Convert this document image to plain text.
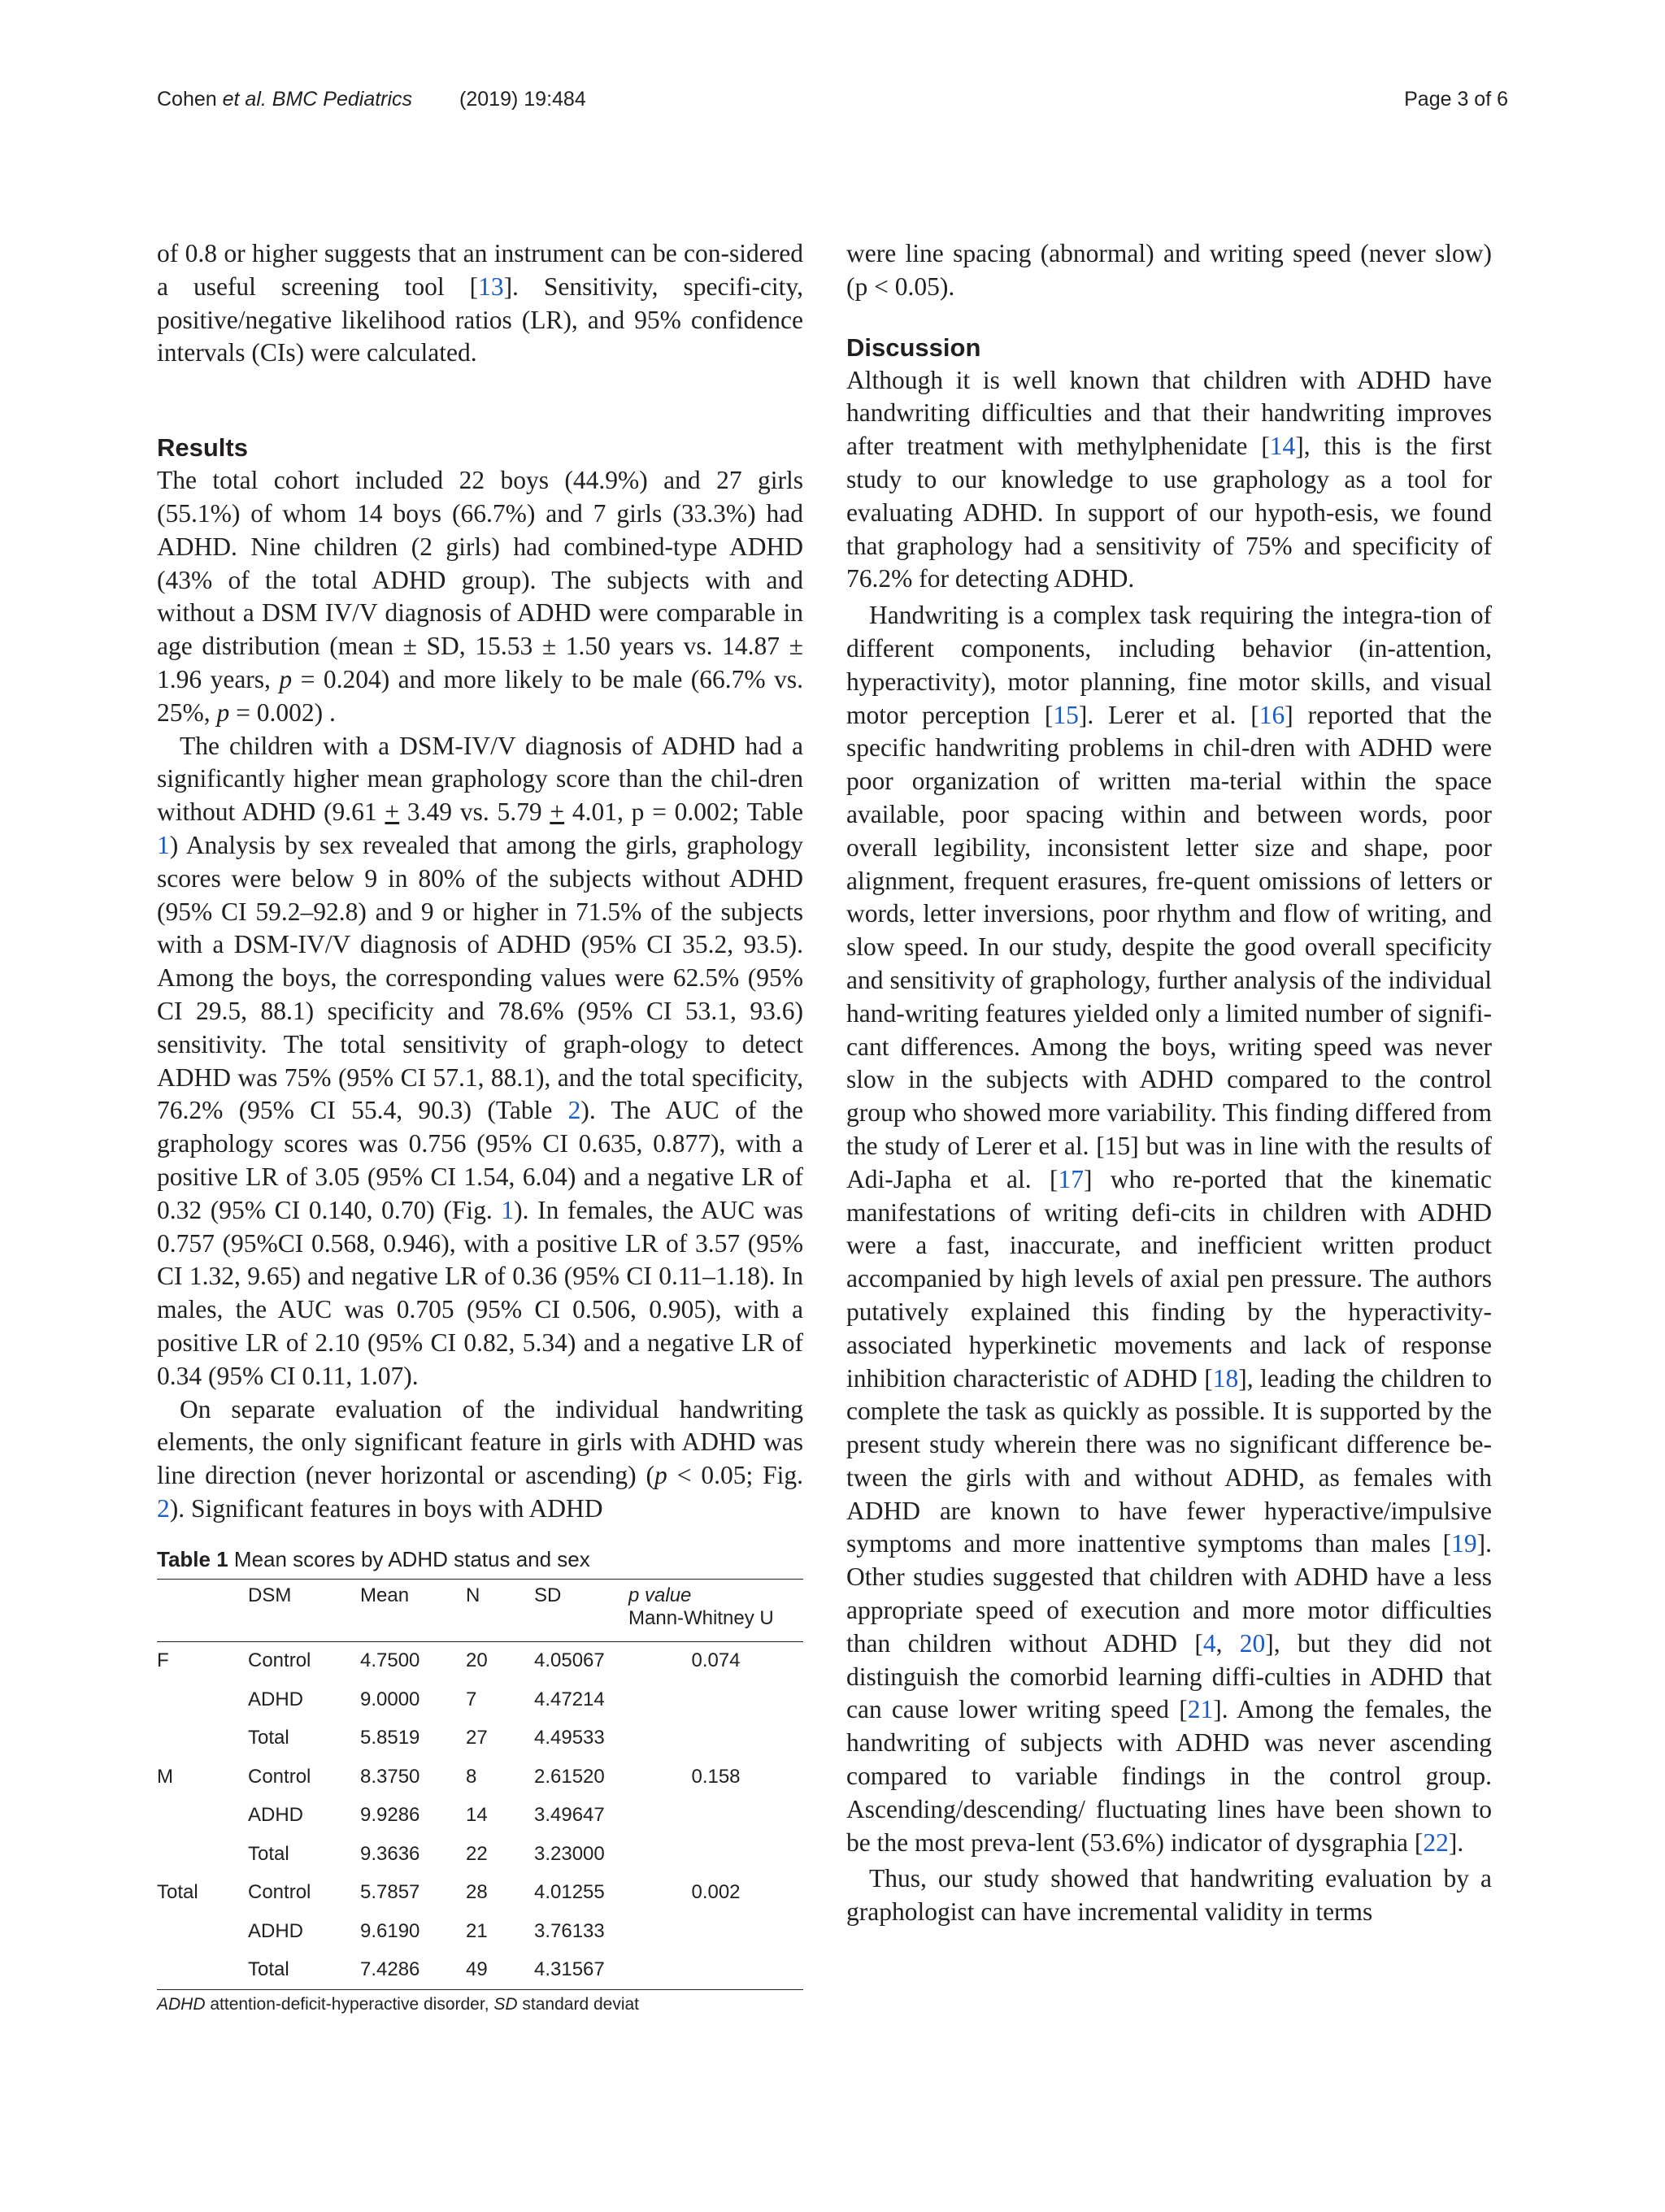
Cohen et al. BMC Pediatrics (2019) 19:484	Page 3 of 6

of 0.8 or higher suggests that an instrument can be con-sidered a useful screening tool [13]. Sensitivity, specifi-city, positive/negative likelihood ratios (LR), and 95% confidence intervals (CIs) were calculated.

Results

The total cohort included 22 boys (44.9%) and 27 girls (55.1%) of whom 14 boys (66.7%) and 7 girls (33.3%) had ADHD. Nine children (2 girls) had combined-type ADHD (43% of the total ADHD group). The subjects with and without a DSM IV/V diagnosis of ADHD were comparable in age distribution (mean ± SD, 15.53 ± 1.50 years vs. 14.87 ± 1.96 years, p = 0.204) and more likely to be male (66.7% vs. 25%, p = 0.002) .

The children with a DSM-IV/V diagnosis of ADHD had a significantly higher mean graphology score than the chil-dren without ADHD (9.61 + 3.49 vs. 5.79 + 4.01, p = 0.002; Table 1) Analysis by sex revealed that among the girls, graphology scores were below 9 in 80% of the subjects without ADHD (95% CI 59.2–92.8) and 9 or higher in 71.5% of the subjects with a DSM-IV/V diagnosis of ADHD (95% CI 35.2, 93.5). Among the boys, the corresponding values were 62.5% (95% CI 29.5, 88.1) specificity and 78.6% (95% CI 53.1, 93.6) sensitivity. The total sensitivity of graph-ology to detect ADHD was 75% (95% CI 57.1, 88.1), and the total specificity, 76.2% (95% CI 55.4, 90.3) (Table 2). The AUC of the graphology scores was 0.756 (95% CI 0.635, 0.877), with a positive LR of 3.05 (95% CI 1.54, 6.04) and a negative LR of 0.32 (95% CI 0.140, 0.70) (Fig. 1). In females, the AUC was 0.757 (95%CI 0.568, 0.946), with a positive LR of 3.57 (95% CI 1.32, 9.65) and negative LR of 0.36 (95% CI 0.11–1.18). In males, the AUC was 0.705 (95% CI 0.506, 0.905), with a positive LR of 2.10 (95% CI 0.82, 5.34) and a negative LR of 0.34 (95% CI 0.11, 1.07).

On separate evaluation of the individual handwriting elements, the only significant feature in girls with ADHD was line direction (never horizontal or ascending) (p < 0.05; Fig. 2). Significant features in boys with ADHD

Table 1 Mean scores by ADHD status and sex
	DSM	Mean	N	SD	p value
Mann-Whitney U
F	Control	4.7500	20	4.05067	0.074
	ADHD	9.0000	7	4.47214	
	Total	5.8519	27	4.49533	
M	Control	8.3750	8	2.61520	0.158
	ADHD	9.9286	14	3.49647	
	Total	9.3636	22	3.23000	
Total	Control	5.7857	28	4.01255	0.002
	ADHD	9.6190	21	3.76133	
	Total	7.4286	49	4.31567	
ADHD attention-deficit-hyperactive disorder, SD standard deviat

were line spacing (abnormal) and writing speed (never slow) (p < 0.05).

Discussion

Although it is well known that children with ADHD have handwriting difficulties and that their handwriting improves after treatment with methylphenidate [14], this is the first study to our knowledge to use graphology as a tool for evaluating ADHD. In support of our hypoth-esis, we found that graphology had a sensitivity of 75% and specificity of 76.2% for detecting ADHD.

Handwriting is a complex task requiring the integra-tion of different components, including behavior (in-attention, hyperactivity), motor planning, fine motor skills, and visual motor perception [15]. Lerer et al. [16] reported that the specific handwriting problems in chil-dren with ADHD were poor organization of written ma-terial within the space available, poor spacing within and between words, poor overall legibility, inconsistent letter size and shape, poor alignment, frequent erasures, fre-quent omissions of letters or words, letter inversions, poor rhythm and flow of writing, and slow speed. In our study, despite the good overall specificity and sensitivity of graphology, further analysis of the individual hand-writing features yielded only a limited number of signifi-cant differences. Among the boys, writing speed was never slow in the subjects with ADHD compared to the control group who showed more variability. This finding differed from the study of Lerer et al. [15] but was in line with the results of Adi-Japha et al. [17] who re-ported that the kinematic manifestations of writing defi-cits in children with ADHD were a fast, inaccurate, and inefficient written product accompanied by high levels of axial pen pressure. The authors putatively explained this finding by the hyperactivity-associated hyperkinetic movements and lack of response inhibition characteristic of ADHD [18], leading the children to complete the task as quickly as possible. It is supported by the present study wherein there was no significant difference be-tween the girls with and without ADHD, as females with ADHD are known to have fewer hyperactive/impulsive symptoms and more inattentive symptoms than males [19]. Other studies suggested that children with ADHD have a less appropriate speed of execution and more motor difficulties than children without ADHD [4, 20], but they did not distinguish the comorbid learning diffi-culties in ADHD that can cause lower writing speed [21]. Among the females, the handwriting of subjects with ADHD was never ascending compared to variable findings in the control group. Ascending/descending/ fluctuating lines have been shown to be the most preva-lent (53.6%) indicator of dysgraphia [22].

Thus, our study showed that handwriting evaluation by a graphologist can have incremental validity in terms
